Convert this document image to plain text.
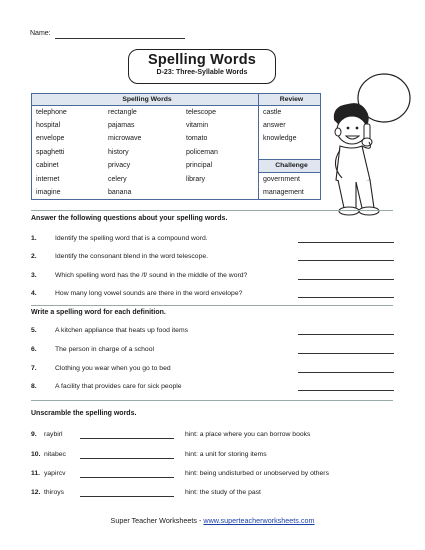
Name:
Spelling Words
D-23: Three-Syllable Words
Spelling Words			Review
telephone	rectangle	telescope	castle
hospital	pajamas	vitamin	answer
envelope	microwave	tomato	knowledge
spaghetti	history	policeman	
cabinet	privacy	principal	Challenge
internet	celery	library	government
imagine	banana		management
Answer the following questions about your spelling words.
1.	Identify the spelling word that is a compound word.
2.	Identify the consonant blend in the word telescope.
3.	Which spelling word has the /f/ sound in the middle of the word?
4.	How many long vowel sounds are there in the word envelope?
Write a spelling word for each definition.
5.	A kitchen appliance that heats up food items
6.	The person in charge of a school
7.	Clothing you wear when you go to bed
8.	A facility that provides care for sick people
Unscramble the spelling words.
9. raybirl	hint: a place where you can borrow books
10. nitabec	hint: a unit for storing items
11. yapircv	hint: being undisturbed or unobserved by others
12. thiroys	hint: the study of the past
Super Teacher Worksheets - www.superteacherworksheets.com
